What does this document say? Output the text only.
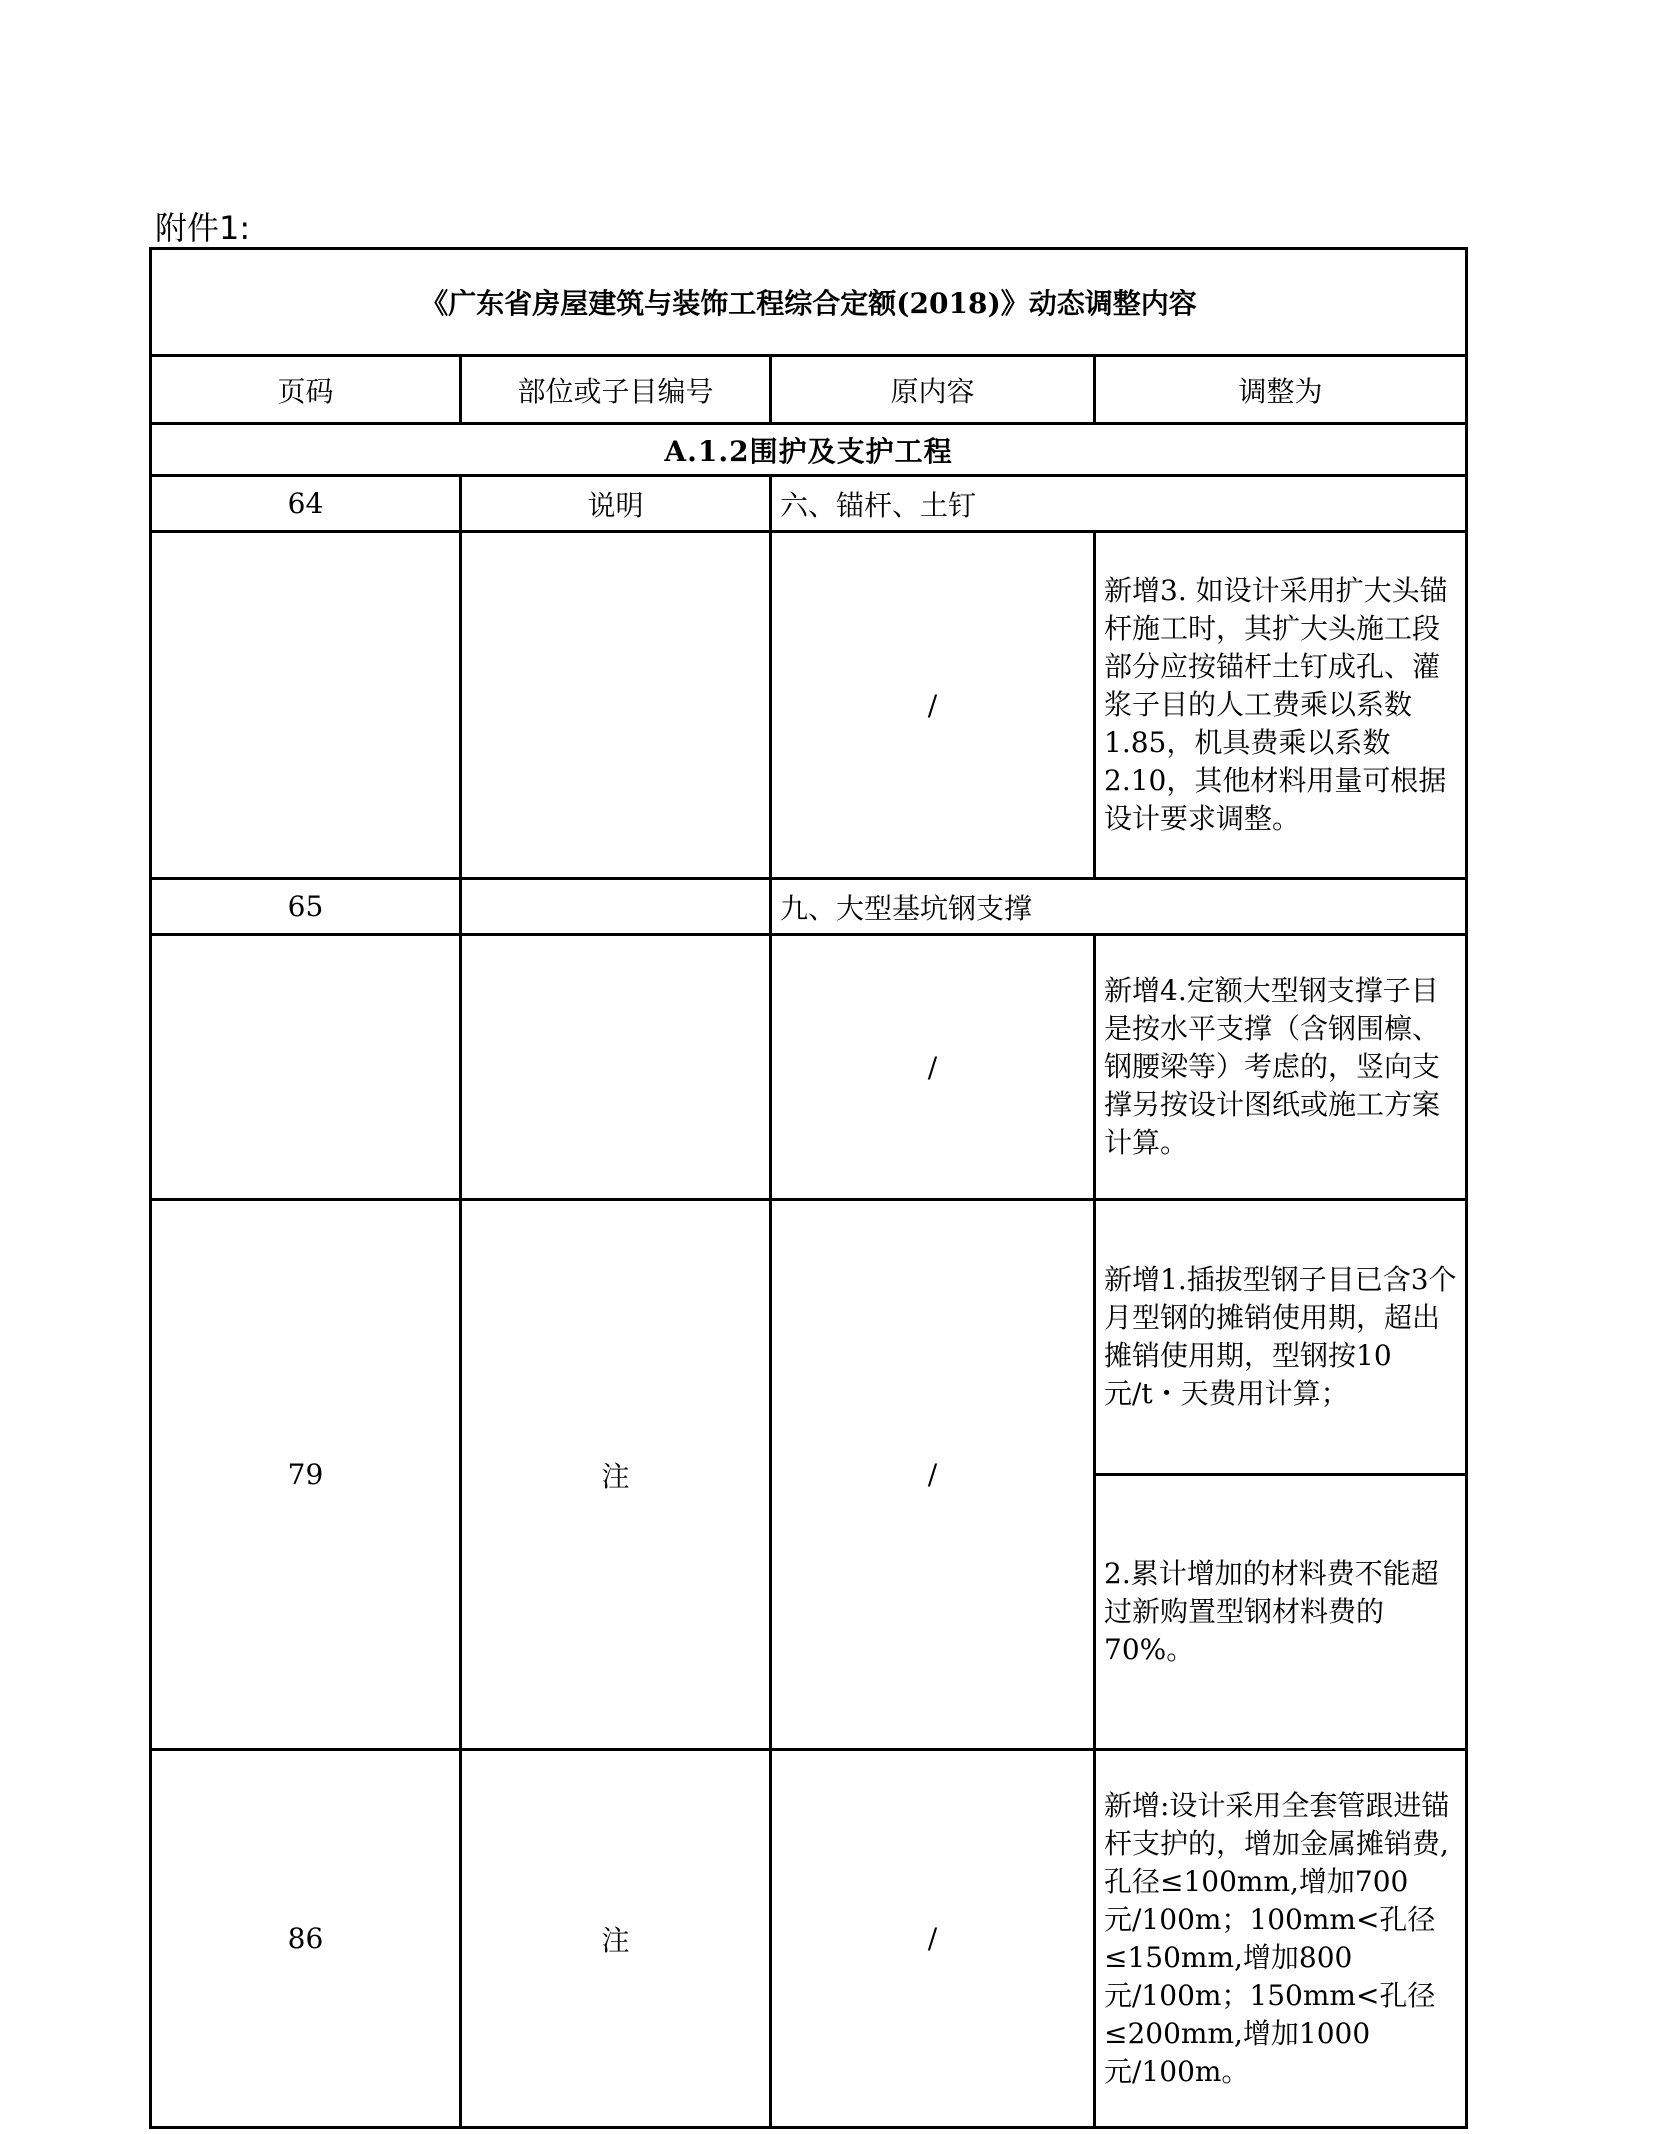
附件1:
《广东省房屋建筑与装饰工程综合定额(2018)》动态调整内容			
页码	部位或子目编号	原内容	调整为
A.1.2围护及支护工程			
64	说明	六、锚杆、土钉	
		/	新增3. 如设计采用扩大头锚杆施工时，其扩大头施工段部分应按锚杆土钉成孔、灌浆子目的人工费乘以系数1.85，机具费乘以系数2.10，其他材料用量可根据设计要求调整。
65		九、大型基坑钢支撑	
		/	新增4.定额大型钢支撑子目是按水平支撑（含钢围檩、钢腰梁等）考虑的，竖向支撑另按设计图纸或施工方案计算。
79	注	/	新增1.插拔型钢子目已含3个月型钢的摊销使用期，超出摊销使用期，型钢按10元/t・天费用计算；
			2.累计增加的材料费不能超过新购置型钢材料费的70%。
86	注	/	新增:设计采用全套管跟进锚杆支护的，增加金属摊销费,孔径≤100mm,增加700元/100m；100mm<孔径≤150mm,增加800元/100m；150mm<孔径≤200mm,增加1000元/100m。
